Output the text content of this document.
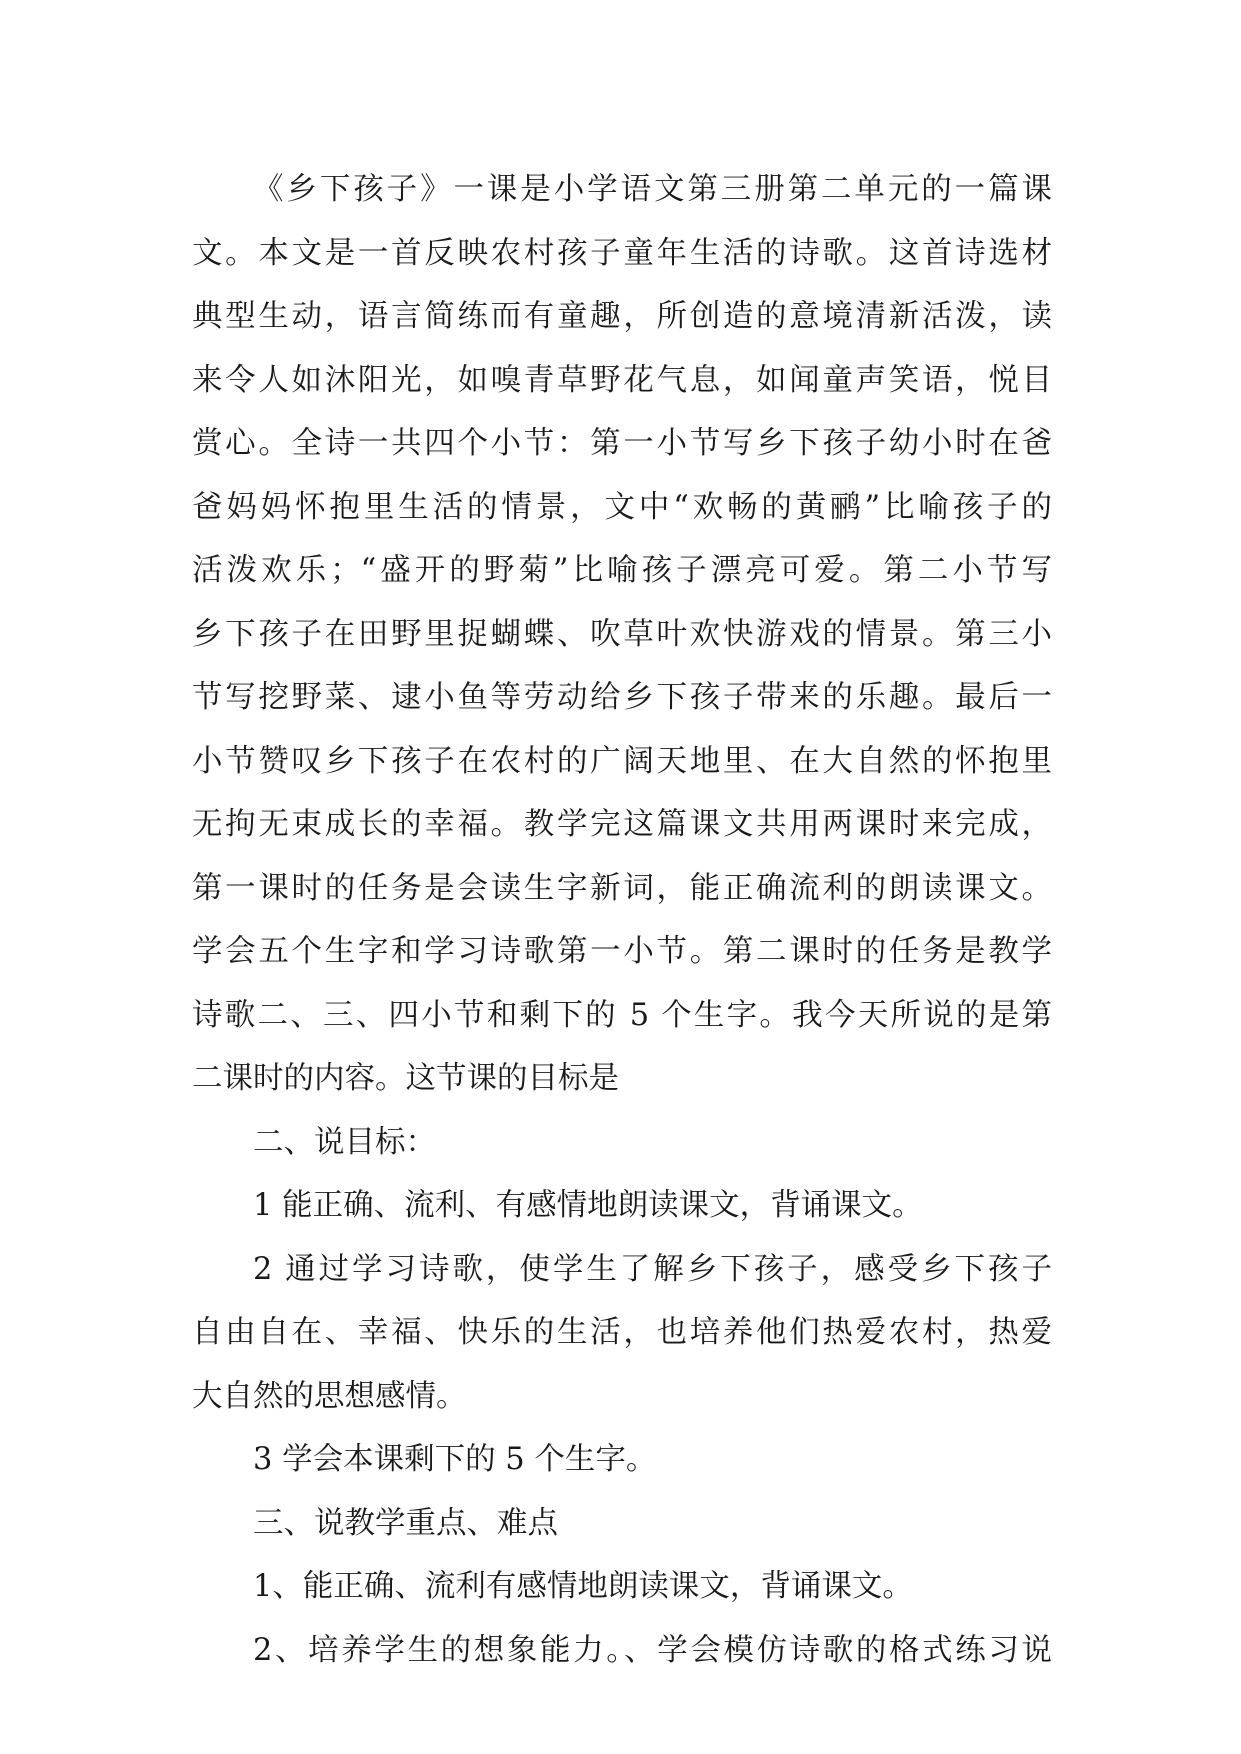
《乡下孩子》一课是小学语文第三册第二单元的一篇课
文。本文是一首反映农村孩子童年生活的诗歌。这首诗选材
典型生动，语言简练而有童趣，所创造的意境清新活泼，读
来令人如沐阳光，如嗅青草野花气息，如闻童声笑语，悦目
赏心。全诗一共四个小节：第一小节写乡下孩子幼小时在爸
爸妈妈怀抱里生活的情景，文中“欢畅的黄鹂”比喻孩子的
活泼欢乐；“盛开的野菊”比喻孩子漂亮可爱。第二小节写
乡下孩子在田野里捉蝴蝶、吹草叶欢快游戏的情景。第三小
节写挖野菜、逮小鱼等劳动给乡下孩子带来的乐趣。最后一
小节赞叹乡下孩子在农村的广阔天地里、在大自然的怀抱里
无拘无束成长的幸福。教学完这篇课文共用两课时来完成，
第一课时的任务是会读生字新词，能正确流利的朗读课文。
学会五个生字和学习诗歌第一小节。第二课时的任务是教学
诗歌二、三、四小节和剩下的 5 个生字。我今天所说的是第
二课时的内容。这节课的目标是
二、说目标：
1 能正确、流利、有感情地朗读课文，背诵课文。
2 通过学习诗歌，使学生了解乡下孩子，感受乡下孩子
自由自在、幸福、快乐的生活，也培养他们热爱农村，热爱
大自然的思想感情。
3 学会本课剩下的 5 个生字。
三、说教学重点、难点
1、能正确、流利有感情地朗读课文，背诵课文。
2、培养学生的想象能力。、学会模仿诗歌的格式练习说
